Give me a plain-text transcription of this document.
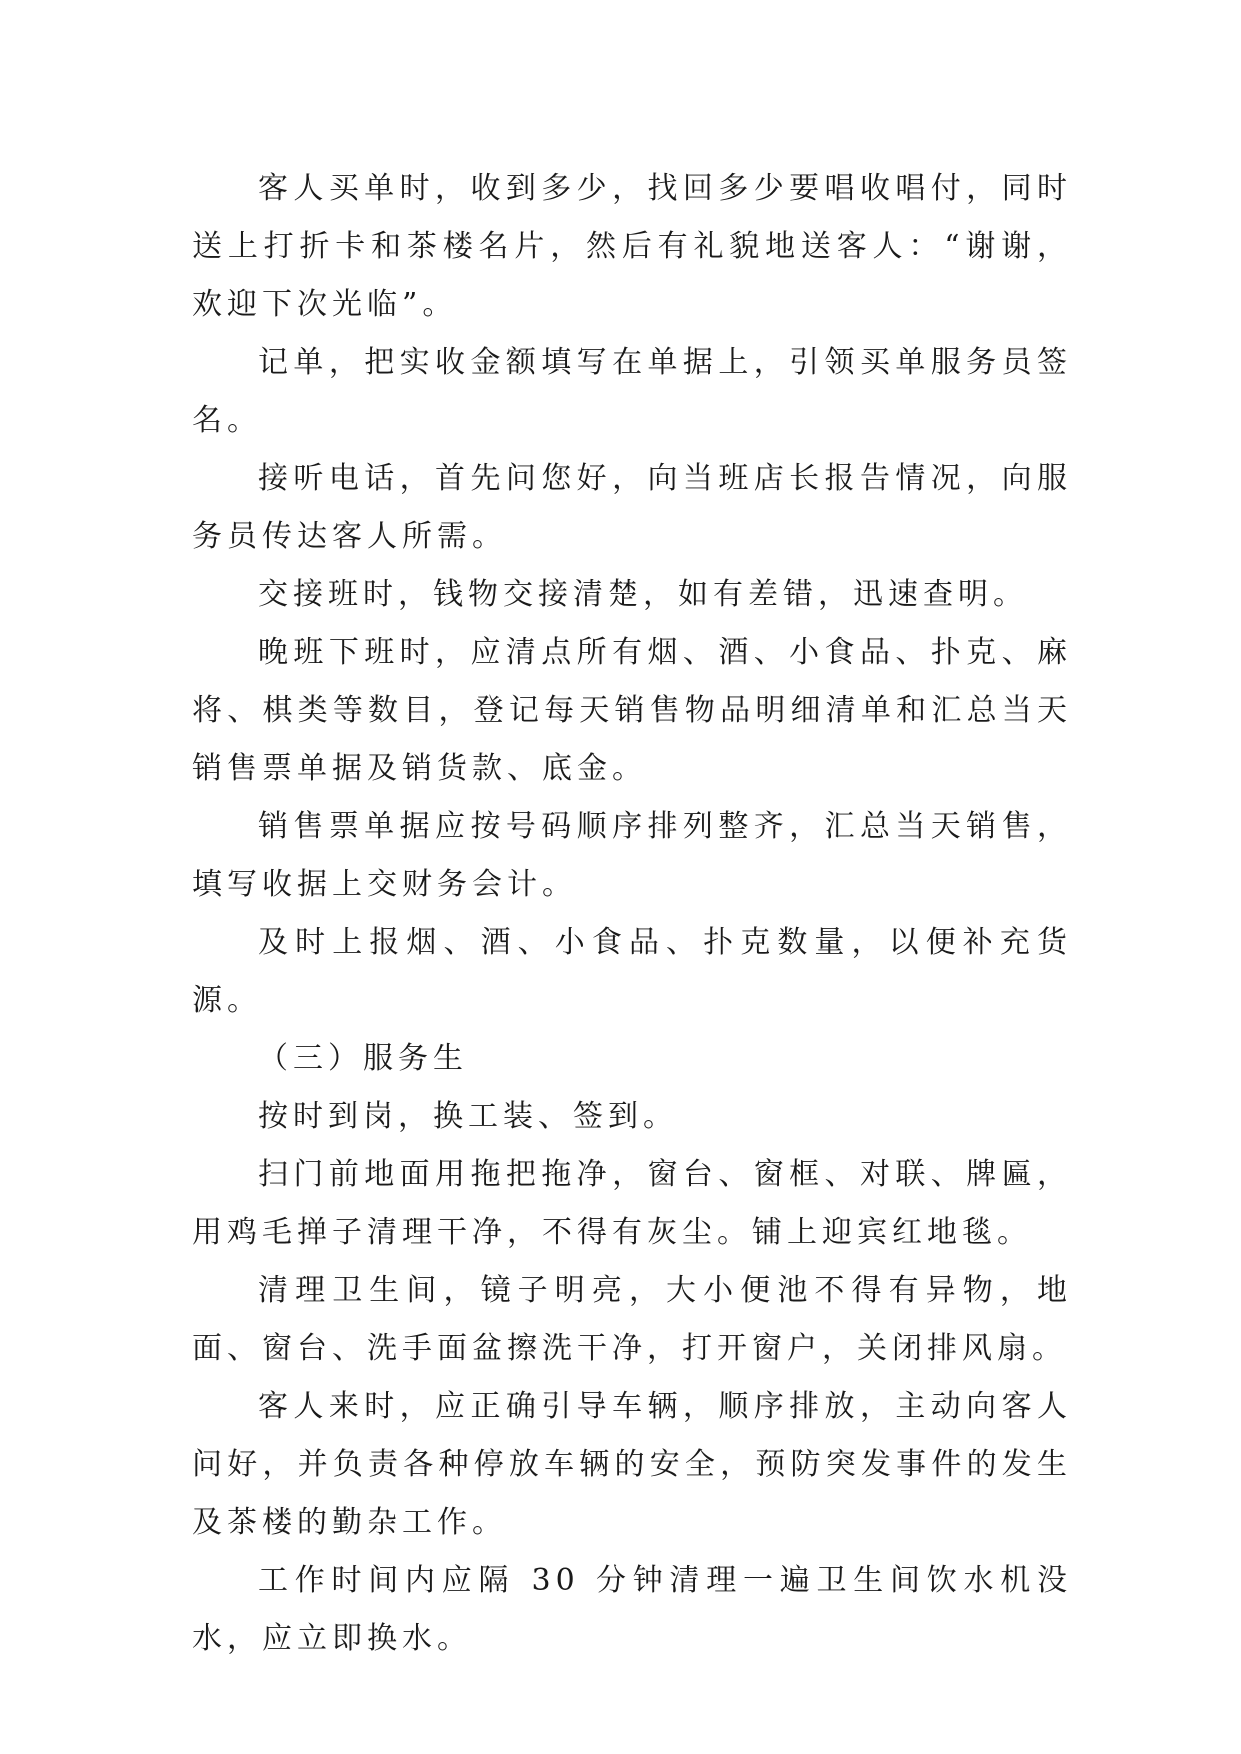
客人买单时，收到多少，找回多少要唱收唱付，同时送上打折卡和茶楼名片，然后有礼貌地送客人：“谢谢，欢迎下次光临”。

记单，把实收金额填写在单据上，引领买单服务员签名。

接听电话，首先问您好，向当班店长报告情况，向服务员传达客人所需。

交接班时，钱物交接清楚，如有差错，迅速查明。

晚班下班时，应清点所有烟、酒、小食品、扑克、麻将、棋类等数目，登记每天销售物品明细清单和汇总当天销售票单据及销货款、底金。

销售票单据应按号码顺序排列整齐，汇总当天销售，填写收据上交财务会计。

及时上报烟、酒、小食品、扑克数量，以便补充货源。

（三）服务生

按时到岗，换工装、签到。

扫门前地面用拖把拖净，窗台、窗框、对联、牌匾，用鸡毛掸子清理干净，不得有灰尘。铺上迎宾红地毯。

清理卫生间，镜子明亮，大小便池不得有异物，地面、窗台、洗手面盆擦洗干净，打开窗户，关闭排风扇。

客人来时，应正确引导车辆，顺序排放，主动向客人问好，并负责各种停放车辆的安全，预防突发事件的发生及茶楼的勤杂工作。

工作时间内应隔 30 分钟清理一遍卫生间饮水机没水，应立即换水。
